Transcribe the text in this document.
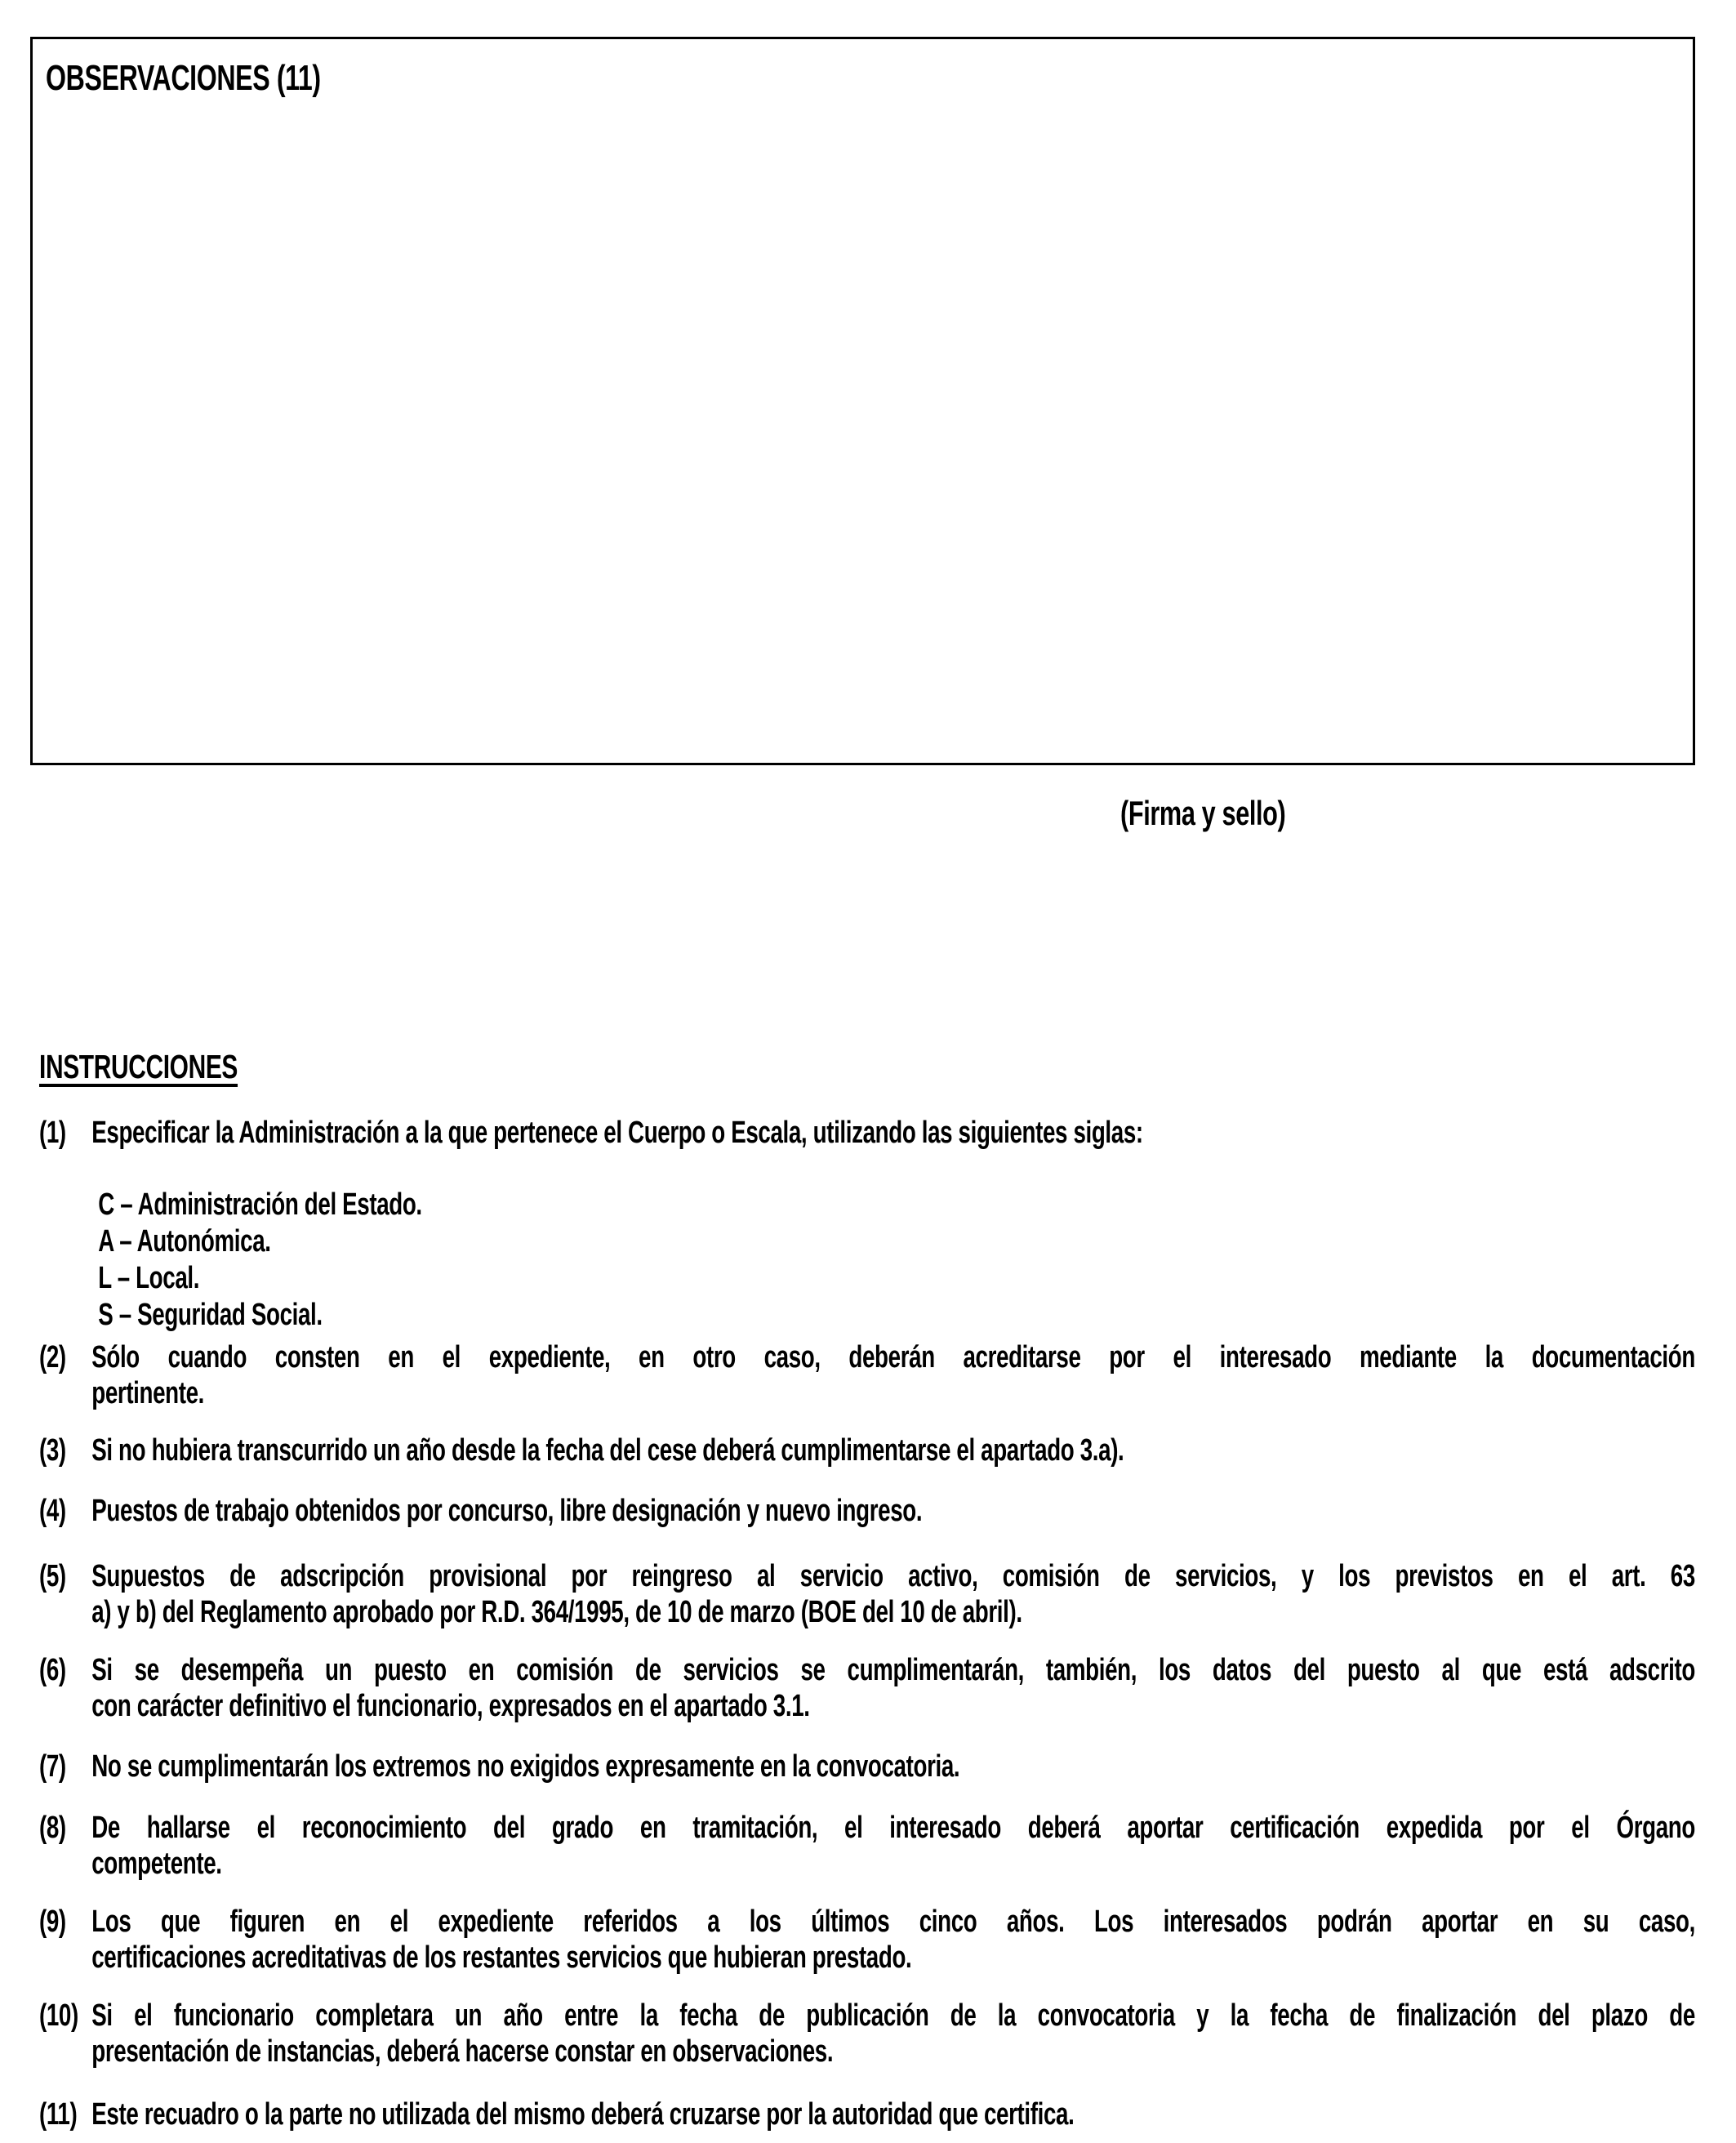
OBSERVACIONES (11)
(Firma y sello)
INSTRUCCIONES
(1) Especificar la Administración a la que pertenece el Cuerpo o Escala, utilizando las siguientes siglas:
C – Administración del Estado.
A – Autonómica.
L – Local.
S – Seguridad Social.
(2) Sólo cuando consten en el expediente, en otro caso, deberán acreditarse por el interesado mediante la documentación
pertinente.
(3) Si no hubiera transcurrido un año desde la fecha del cese deberá cumplimentarse el apartado 3.a).
(4) Puestos de trabajo obtenidos por concurso, libre designación y nuevo ingreso.
(5) Supuestos de adscripción provisional por reingreso al servicio activo, comisión de servicios, y los previstos en el art. 63
a) y b) del Reglamento aprobado por R.D. 364/1995, de 10 de marzo (BOE del 10 de abril).
(6) Si se desempeña un puesto en comisión de servicios se cumplimentarán, también, los datos del puesto al que está adscrito
con carácter definitivo el funcionario, expresados en el apartado 3.1.
(7) No se cumplimentarán los extremos no exigidos expresamente en la convocatoria.
(8) De hallarse el reconocimiento del grado en tramitación, el interesado deberá aportar certificación expedida por el Órgano
competente.
(9) Los que figuren en el expediente referidos a los últimos cinco años. Los interesados podrán aportar en su caso,
certificaciones acreditativas de los restantes servicios que hubieran prestado.
(10) Si el funcionario completara un año entre la fecha de publicación de la convocatoria y la fecha de finalización del plazo de
presentación de instancias, deberá hacerse constar en observaciones.
(11) Este recuadro o la parte no utilizada del mismo deberá cruzarse por la autoridad que certifica.
